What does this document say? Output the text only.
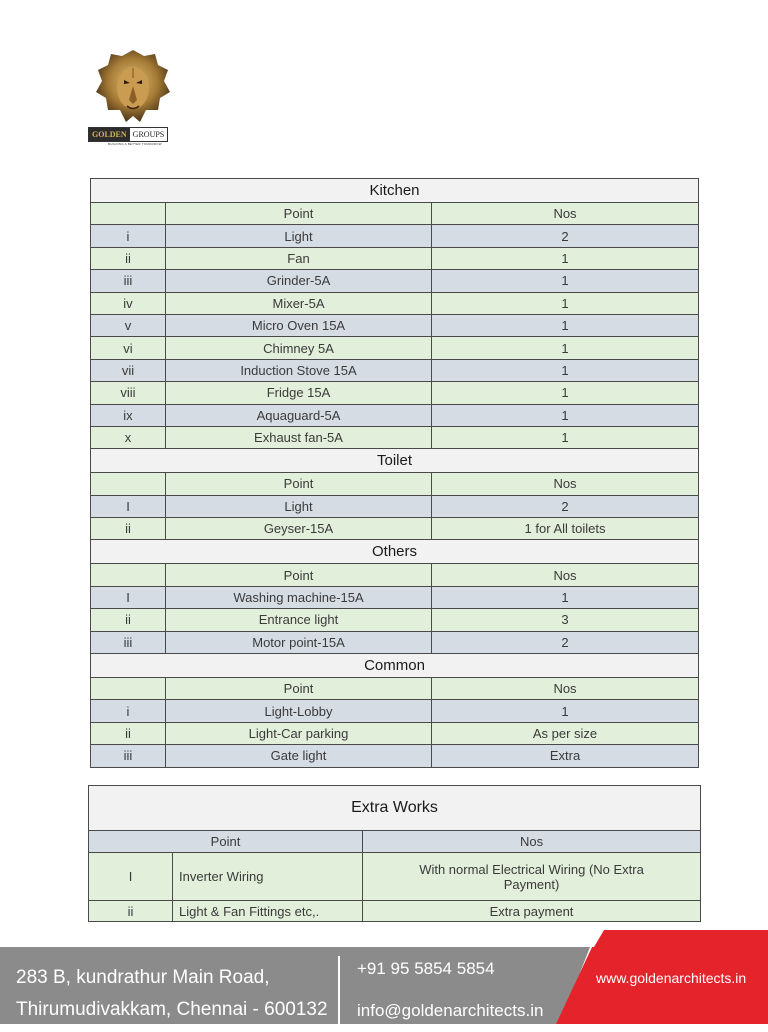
GOLDEN GROUPS
BUILDING A BETTER TOMORROW
Kitchen		
	Point	Nos
i	Light	2
ii	Fan	1
iii	Grinder-5A	1
iv	Mixer-5A	1
v	Micro Oven 15A	1
vi	Chimney 5A	1
vii	Induction Stove 15A	1
viii	Fridge 15A	1
ix	Aquaguard-5A	1
x	Exhaust fan-5A	1
Toilet		
	Point	Nos
I	Light	2
ii	Geyser-15A	1 for All toilets
Others		
	Point	Nos
I	Washing machine-15A	1
ii	Entrance light	3
iii	Motor point-15A	2
Common		
	Point	Nos
i	Light-Lobby	1
ii	Light-Car parking	As per size
iii	Gate light	Extra
Extra Works		
Point		Nos
I	Inverter Wiring	With normal Electrical Wiring (No Extra Payment)
ii	Light & Fan Fittings etc,.	Extra payment
283 B, kundrathur Main Road,
Thirumudivakkam, Chennai - 600132
+91 95 5854 5854
info@goldenarchitects.in
www.goldenarchitects.in
